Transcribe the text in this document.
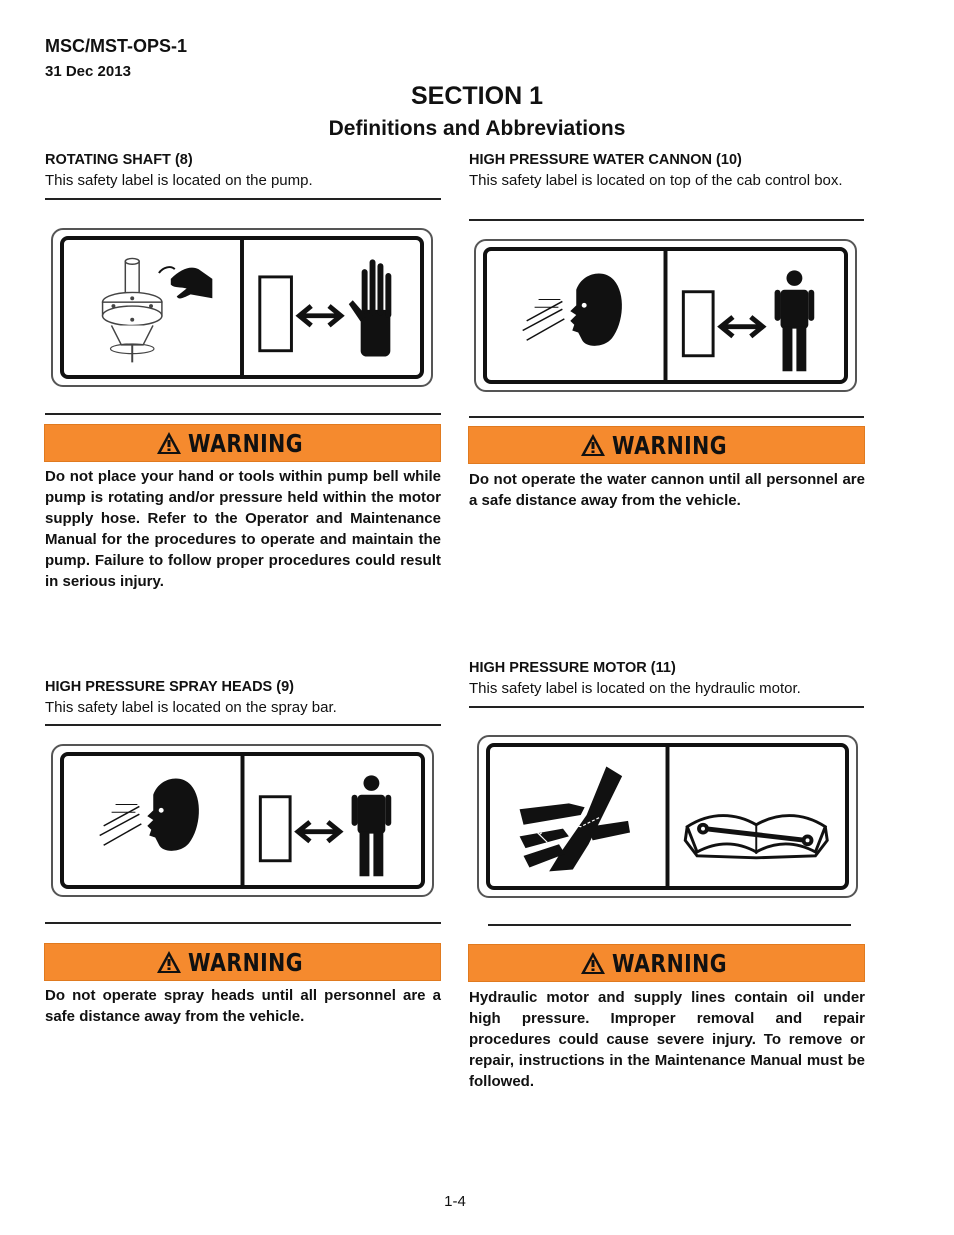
MSC/MST-OPS-1
31 Dec 2013
SECTION 1
Definitions and Abbreviations
ROTATING SHAFT (8)
This safety label is located on the pump.
WARNING
Do not place your hand or tools within pump bell while pump is rotating and/or pressure held within the motor supply hose. Refer to the Operator and Maintenance Manual for the procedures to operate and maintain the pump. Failure to follow proper procedures could result in serious injury.
HIGH PRESSURE WATER CANNON (10)
This safety label is located on top of the cab control box.
WARNING
Do not operate the water cannon until all personnel are a safe distance away from the vehicle.
HIGH PRESSURE SPRAY HEADS (9)
This safety label is located on the spray bar.
WARNING
Do not operate spray heads until all personnel are a safe distance away from the vehicle.
HIGH PRESSURE MOTOR (11)
This safety label is located on the hydraulic motor.
WARNING
Hydraulic motor and supply lines contain oil under high pressure. Improper removal and repair procedures could cause severe injury. To remove or repair, instructions in the Maintenance Manual must be followed.
1-4
